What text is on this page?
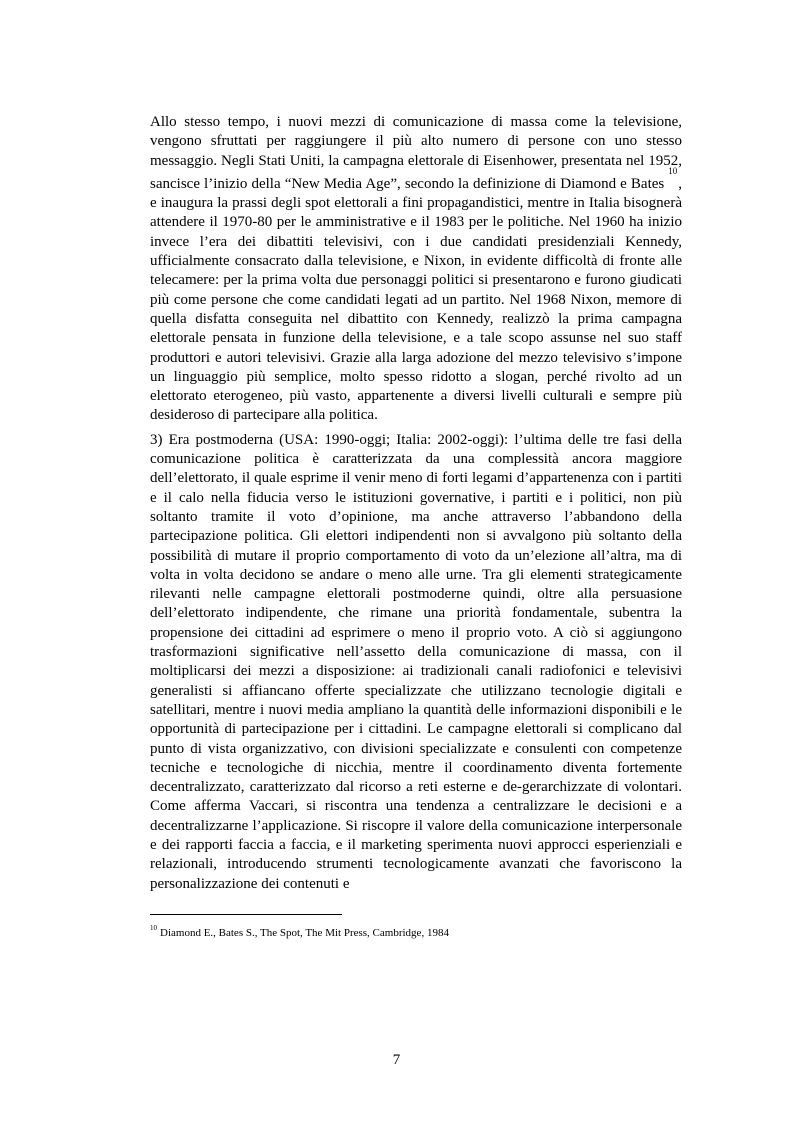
Allo stesso tempo, i nuovi mezzi di comunicazione di massa come la televisione, vengono sfruttati per raggiungere il più alto numero di persone con uno stesso messaggio. Negli Stati Uniti, la campagna elettorale di Eisenhower, presentata nel 1952, sancisce l’inizio della “New Media Age”, secondo la definizione di Diamond e Bates$^{10}$, e inaugura la prassi degli spot elettorali a fini propagandistici, mentre in Italia bisognerà attendere il 1970-80 per le amministrative e il 1983 per le politiche. Nel 1960 ha inizio invece l’era dei dibattiti televisivi, con i due candidati presidenziali Kennedy, ufficialmente consacrato dalla televisione, e Nixon, in evidente difficoltà di fronte alle telecamere: per la prima volta due personaggi politici si presentarono e furono giudicati più come persone che come candidati legati ad un partito. Nel 1968 Nixon, memore di quella disfatta conseguita nel dibattito con Kennedy, realizzò la prima campagna elettorale pensata in funzione della televisione, e a tale scopo assunse nel suo staff produttori e autori televisivi. Grazie alla larga adozione del mezzo televisivo s’impone un linguaggio più semplice, molto spesso ridotto a slogan, perché rivolto ad un elettorato eterogeneo, più vasto, appartenente a diversi livelli culturali e sempre più desideroso di partecipare alla politica.

3) Era postmoderna (USA: 1990-oggi; Italia: 2002-oggi): l’ultima delle tre fasi della comunicazione politica è caratterizzata da una complessità ancora maggiore dell’elettorato, il quale esprime il venir meno di forti legami d’appartenenza con i partiti e il calo nella fiducia verso le istituzioni governative, i partiti e i politici, non più soltanto tramite il voto d’opinione, ma anche attraverso l’abbandono della partecipazione politica. Gli elettori indipendenti non si avvalgono più soltanto della possibilità di mutare il proprio comportamento di voto da un’elezione all’altra, ma di volta in volta decidono se andare o meno alle urne. Tra gli elementi strategicamente rilevanti nelle campagne elettorali postmoderne quindi, oltre alla persuasione dell’elettorato indipendente, che rimane una priorità fondamentale, subentra la propensione dei cittadini ad esprimere o meno il proprio voto. A ciò si aggiungono trasformazioni significative nell’assetto della comunicazione di massa, con il moltiplicarsi dei mezzi a disposizione: ai tradizionali canali radiofonici e televisivi generalisti si affiancano offerte specializzate che utilizzano tecnologie digitali e satellitari, mentre i nuovi media ampliano la quantità delle informazioni disponibili e le opportunità di partecipazione per i cittadini. Le campagne elettorali si complicano dal punto di vista organizzativo, con divisioni specializzate e consulenti con competenze tecniche e tecnologiche di nicchia, mentre il coordinamento diventa fortemente decentralizzato, caratterizzato dal ricorso a reti esterne e de-gerarchizzate di volontari. Come afferma Vaccari, si riscontra una tendenza a centralizzare le decisioni e a decentralizzarne l’applicazione. Si riscopre il valore della comunicazione interpersonale e dei rapporti faccia a faccia, e il marketing sperimenta nuovi approcci esperienziali e relazionali, introducendo strumenti tecnologicamente avanzati che favoriscono la personalizzazione dei contenuti e

$^{10}$ Diamond E., Bates S., The Spot, The Mit Press, Cambridge, 1984
7
